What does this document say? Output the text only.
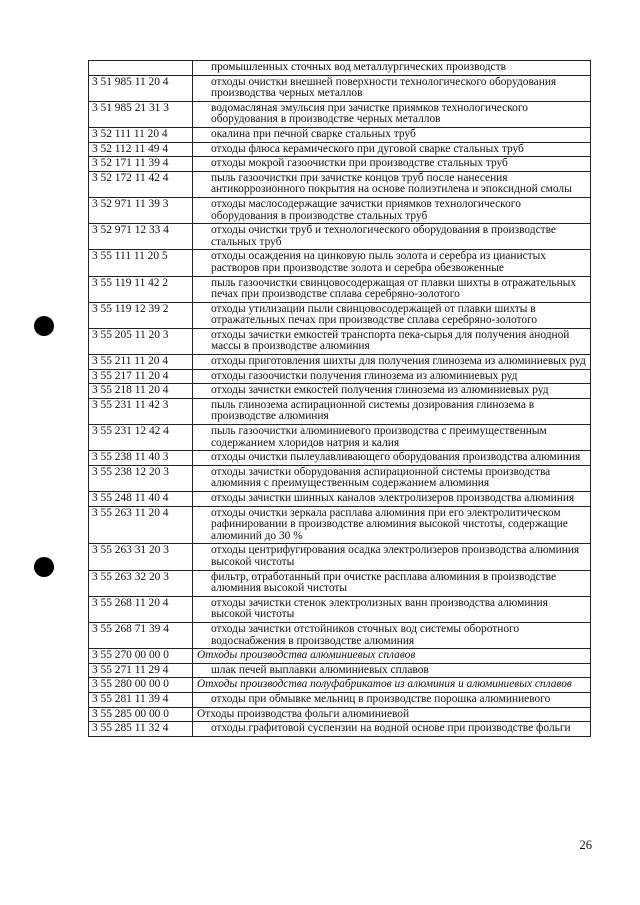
	промышленных сточных вод металлургических производств
3 51 985 11 20 4	отходы очистки внешней поверхности технологического оборудования производства черных металлов
3 51 985 21 31 3	водомасляная эмульсия при зачистке приямков технологического оборудования в производстве черных металлов
3 52 111 11 20 4	окалина при печной сварке стальных труб
3 52 112 11 49 4	отходы флюса керамического при дуговой сварке стальных труб
3 52 171 11 39 4	отходы мокрой газоочистки при производстве стальных труб
3 52 172 11 42 4	пыль газоочистки при зачистке концов труб после нанесения антикоррозионного покрытия на основе полиэтилена и эпоксидной смолы
3 52 971 11 39 3	отходы маслосодержащие зачистки приямков технологического оборудования в производстве стальных труб
3 52 971 12 33 4	отходы очистки труб и технологического оборудования в производстве стальных труб
3 55 111 11 20 5	отходы осаждения на цинковую пыль золота и серебра из цианистых растворов при производстве золота и серебра обезвоженные
3 55 119 11 42 2	пыль газоочистки свинцовосодержащая от плавки шихты в отражательных печах при производстве сплава серебряно-золотого
3 55 119 12 39 2	отходы утилизации пыли свинцовосодержащей от плавки шихты в отражательных печах при производстве сплава серебряно-золотого
3 55 205 11 20 3	отходы зачистки емкостей транспорта пека-сырья для получения анодной массы в производстве алюминия
3 55 211 11 20 4	отходы приготовления шихты для получения глинозема из алюминиевых руд
3 55 217 11 20 4	отходы газоочистки получения глинозема из алюминиевых руд
3 55 218 11 20 4	отходы зачистки емкостей получения глинозема из алюминиевых руд
3 55 231 11 42 3	пыль глинозема аспирационной системы дозирования глинозема в производстве алюминия
3 55 231 12 42 4	пыль газоочистки алюминиевого производства с преимущественным содержанием хлоридов натрия и калия
3 55 238 11 40 3	отходы очистки пылеулавливающего оборудования производства алюминия
3 55 238 12 20 3	отходы зачистки оборудования аспирационной системы производства алюминия с преимущественным содержанием алюминия
3 55 248 11 40 4	отходы зачистки шинных каналов электролизеров производства алюминия
3 55 263 11 20 4	отходы очистки зеркала расплава алюминия при его электролитическом рафинировании в производстве алюминия высокой чистоты, содержащие алюминий до 30 %
3 55 263 31 20 3	отходы центрифугирования осадка электролизеров производства алюминия высокой чистоты
3 55 263 32 20 3	фильтр, отработанный при очистке расплава алюминия в производстве алюминия высокой чистоты
3 55 268 11 20 4	отходы зачистки стенок электролизных ванн производства алюминия высокой чистоты
3 55 268 71 39 4	отходы зачистки отстойников сточных вод системы оборотного водоснабжения в производстве алюминия
3 55 270 00 00 0	Отходы производства алюминиевых сплавов
3 55 271 11 29 4	шлак печей выплавки алюминиевых сплавов
3 55 280 00 00 0	Отходы производства полуфабрикатов из алюминия и алюминиевых сплавов
3 55 281 11 39 4	отходы при обмывке мельниц в производстве порошка алюминиевого
3 55 285 00 00 0	Отходы производства фольги алюминиевой
3 55 285 11 32 4	отходы графитовой суспензии на водной основе при производстве фольги
26
